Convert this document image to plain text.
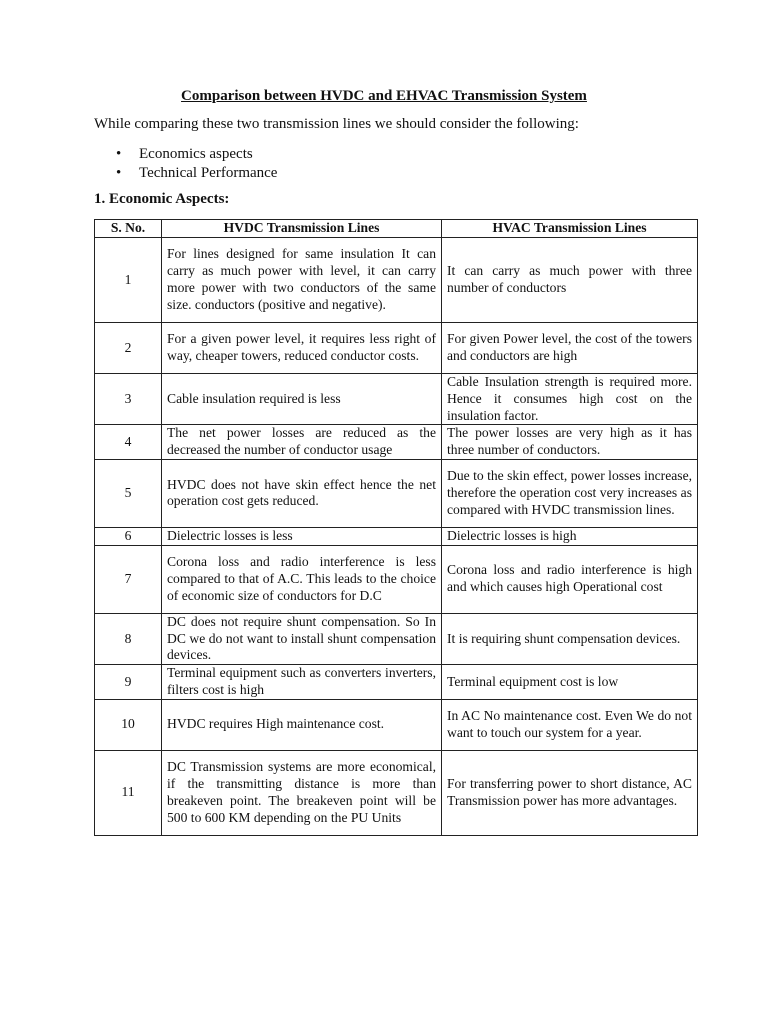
Comparison between HVDC and EHVAC Transmission System
While comparing these two transmission lines we should consider the following:
• Economics aspects
• Technical Performance
1. Economic Aspects:
S. No.	HVDC Transmission Lines	HVAC Transmission Lines
1	For lines designed for same insulation It can carry as much power with level, it can carry more power with two conductors of the same size. conductors (positive and negative).	It can carry as much power with three number of conductors
2	For a given power level, it requires less right of way, cheaper towers, reduced conductor costs.	For given Power level, the cost of the towers and conductors are high
3	Cable insulation required is less	Cable Insulation strength is required more. Hence it consumes high cost on the insulation factor.
4	The net power losses are reduced as the decreased the number of conductor usage	The power losses are very high as it has three number of conductors.
5	HVDC does not have skin effect hence the net operation cost gets reduced.	Due to the skin effect, power losses increase, therefore the operation cost very increases as compared with HVDC transmission lines.
6	Dielectric losses is less	Dielectric losses is high
7	Corona loss and radio interference is less compared to that of A.C. This leads to the choice of economic size of conductors for D.C	Corona loss and radio interference is high and which causes high Operational cost
8	DC does not require shunt compensation. So In DC we do not want to install shunt compensation devices.	It is requiring shunt compensation devices.
9	Terminal equipment such as converters inverters, filters cost is high	Terminal equipment cost is low
10	HVDC requires High maintenance cost.	In AC No maintenance cost. Even We do not want to touch our system for a year.
11	DC Transmission systems are more economical, if the transmitting distance is more than breakeven point. The breakeven point will be 500 to 600 KM depending on the PU Units	For transferring power to short distance, AC Transmission power has more advantages.
